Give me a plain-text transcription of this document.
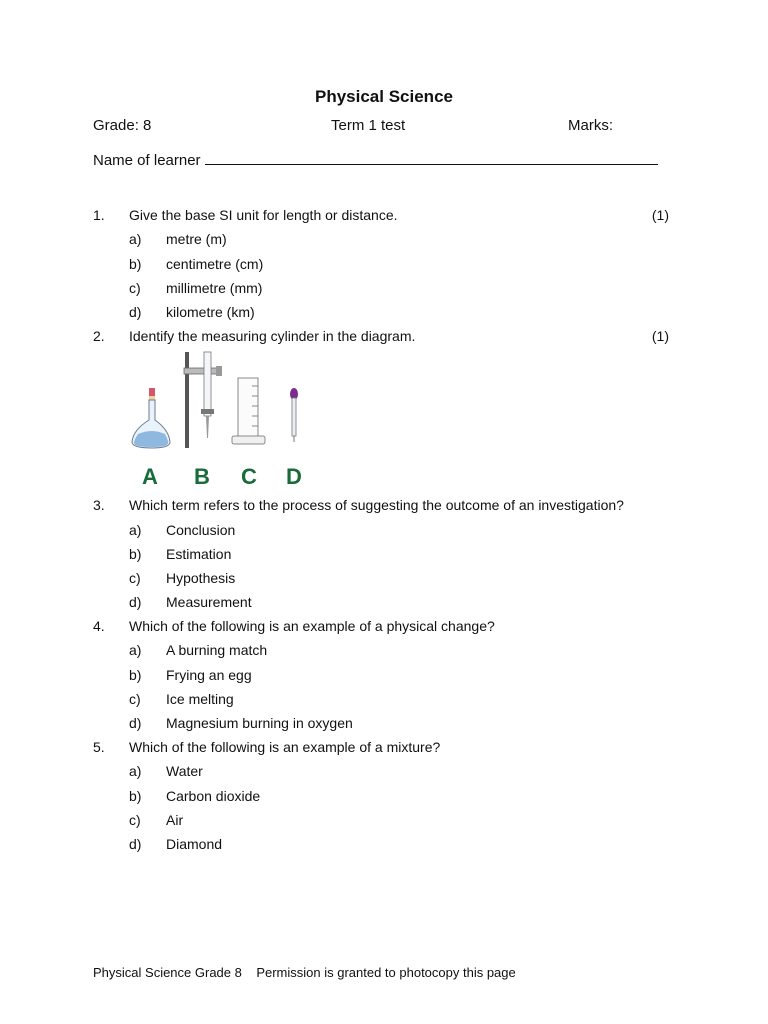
Physical Science
Grade: 8	Term 1 test	Marks:
Name of learner
1. Give the base SI unit for length or distance.	(1)
a) metre (m)
b) centimetre (cm)
c) millimetre (mm)
d) kilometre (km)
2. Identify the measuring cylinder in the diagram.	(1)
A B C D
3. Which term refers to the process of suggesting the outcome of an investigation?
a) Conclusion
b) Estimation
c) Hypothesis
d) Measurement
4. Which of the following is an example of a physical change?
a) A burning match
b) Frying an egg
c) Ice melting
d) Magnesium burning in oxygen
5. Which of the following is an example of a mixture?
a) Water
b) Carbon dioxide
c) Air
d) Diamond
Physical Science Grade 8 Permission is granted to photocopy this page
